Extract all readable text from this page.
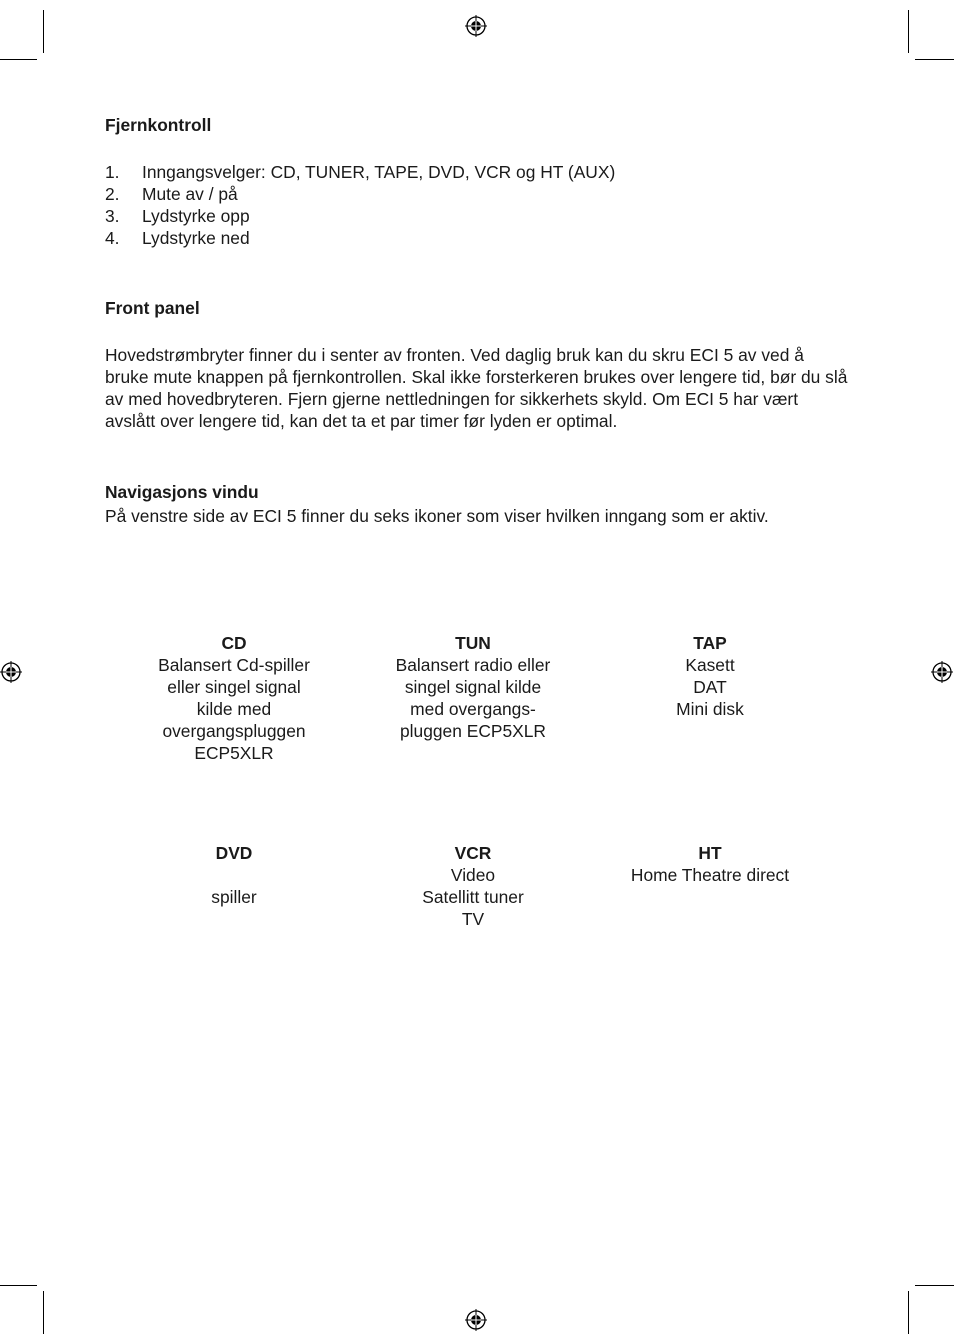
Fjernkontroll
1. Inngangsvelger: CD, TUNER, TAPE, DVD, VCR og HT (AUX)
2. Mute av / på
3. Lydstyrke opp
4. Lydstyrke ned
Front panel

Hovedstrømbryter finner du i senter av fronten. Ved daglig bruk kan du skru ECI 5 av ved å bruke mute knappen på fjernkontrollen. Skal ikke forsterkeren brukes over lengere tid, bør du slå av med hovedbryteren. Fjern gjerne nettledningen for sikkerhets skyld. Om ECI 5 har vært avslått over lengere tid, kan det ta et par timer før lyden er optimal.

Navigasjons vindu

På venstre side av ECI 5 finner du seks ikoner som viser hvilken inngang som er aktiv.

CD
Balansert Cd-spiller
eller singel signal
kilde med
overgangspluggen
ECP5XLR
TUN
Balansert radio eller
singel signal kilde
med overgangs-
pluggen ECP5XLR
TAP
Kasett
DAT
Mini disk
DVD
spiller
VCR
Video
Satellitt tuner
TV
HT
Home Theatre direct
